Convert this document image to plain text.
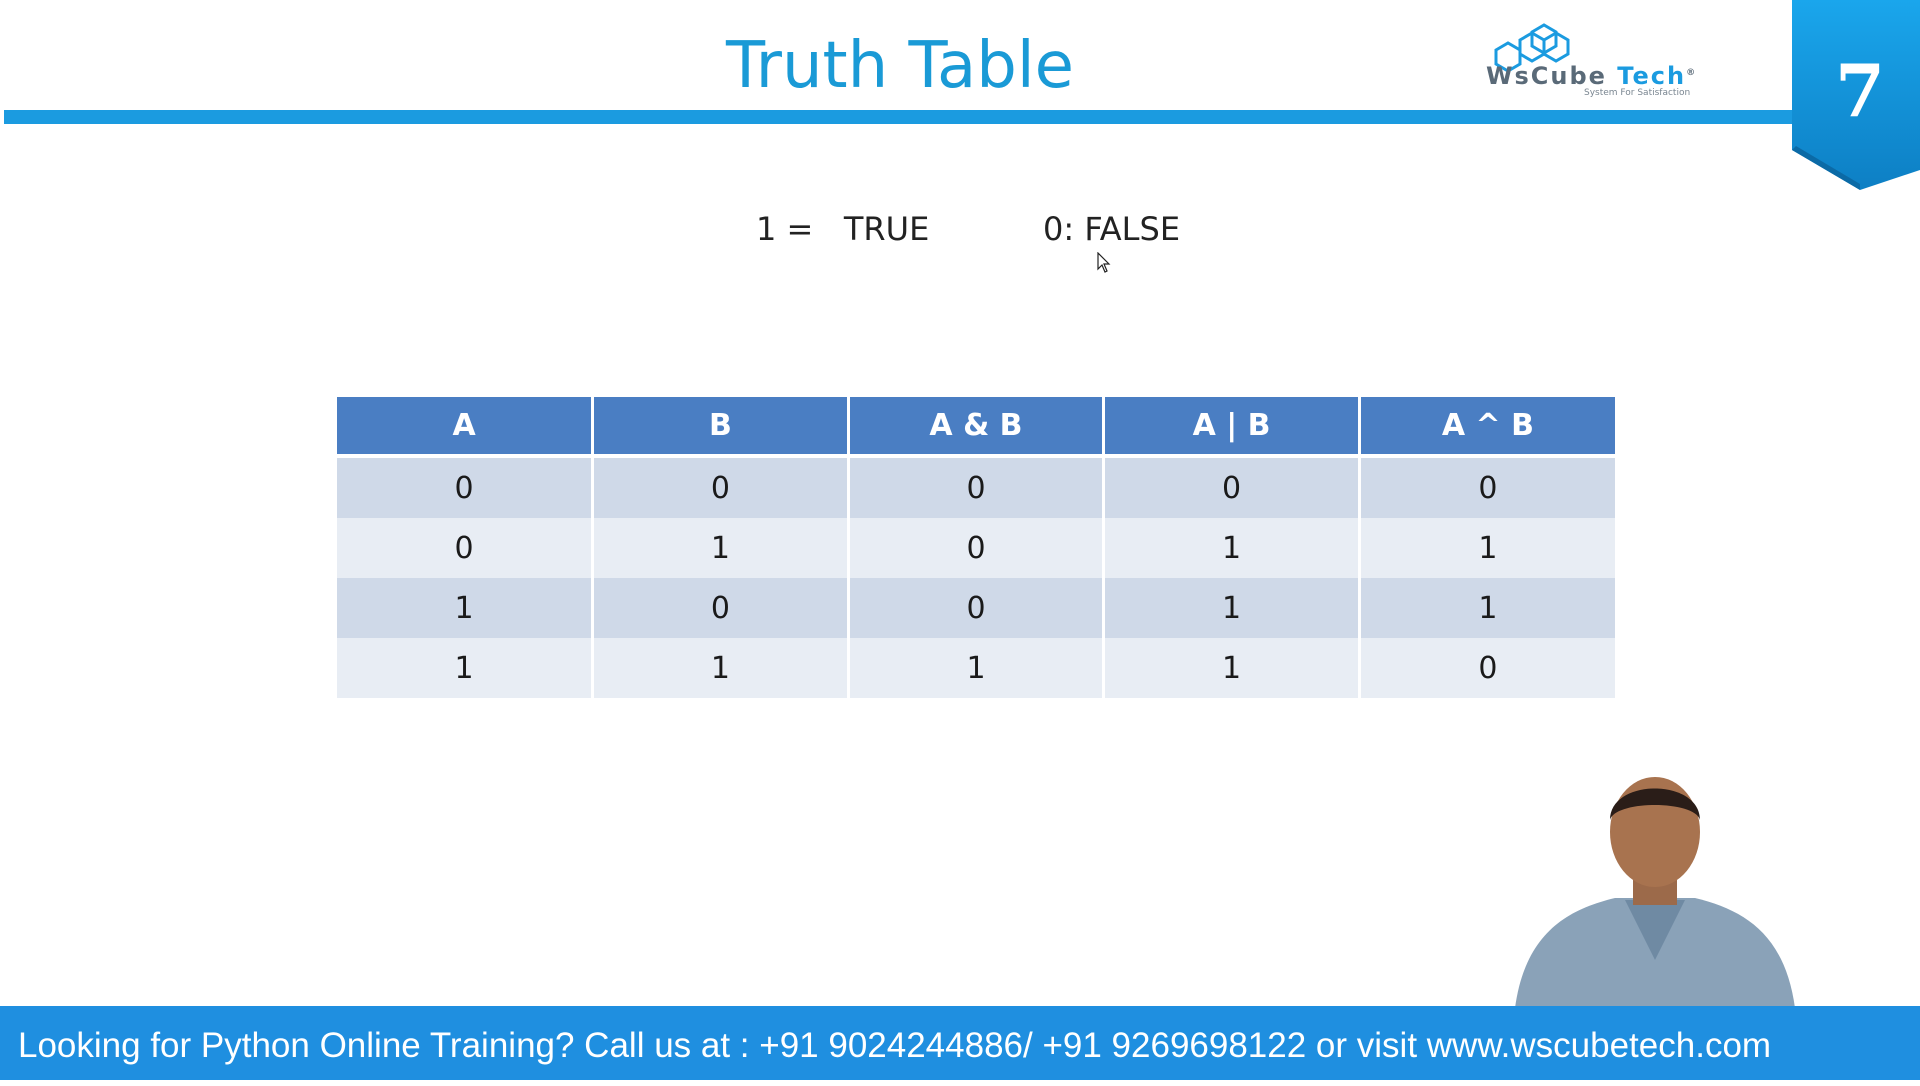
Truth Table	WsCube Tech®
System For Satisfaction	7
1 =   TRUE	0: FALSE
A	B	A & B	A | B	A ^ B
0	0	0	0	0
0	1	0	1	1
1	0	0	1	1
1	1	1	1	0
Looking for Python Online Training? Call us at : +91 9024244886/ +91 9269698122 or visit www.wscubetech.com
